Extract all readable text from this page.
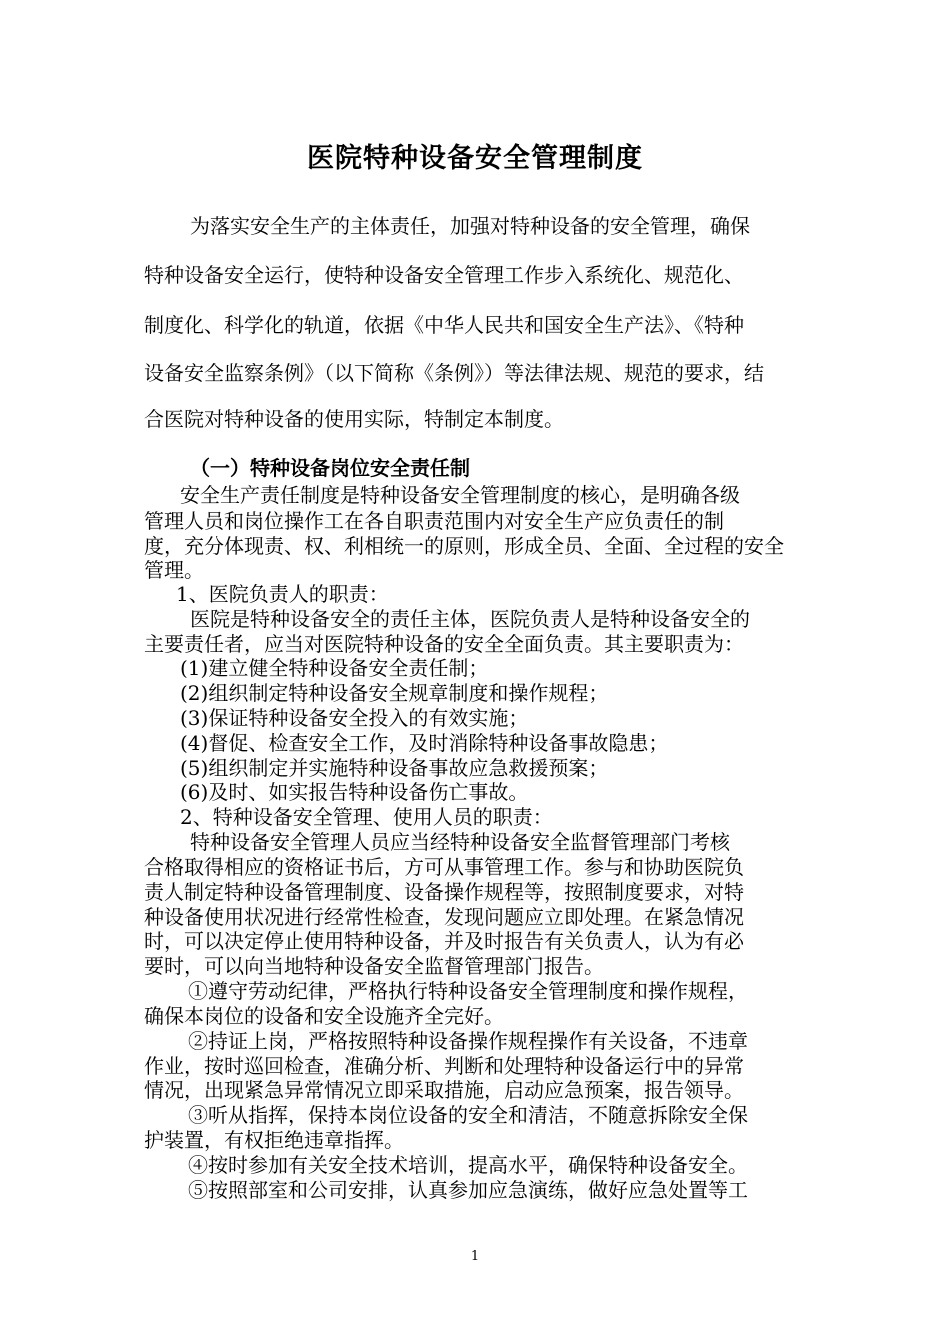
医院特种设备安全管理制度
为落实安全生产的主体责任，加强对特种设备的安全管理，确保
特种设备安全运行，使特种设备安全管理工作步入系统化、规范化、
制度化、科学化的轨道，依据《中华人民共和国安全生产法》、《特种
设备安全监察条例》（以下简称《条例》）等法律法规、规范的要求，结
合医院对特种设备的使用实际，特制定本制度。
（一）特种设备岗位安全责任制
安全生产责任制度是特种设备安全管理制度的核心，是明确各级
管理人员和岗位操作工在各自职责范围内对安全生产应负责任的制
度，充分体现责、权、利相统一的原则，形成全员、全面、全过程的安全
管理。
1、医院负责人的职责：
医院是特种设备安全的责任主体，医院负责人是特种设备安全的
主要责任者，应当对医院特种设备的安全全面负责。其主要职责为：
(1)建立健全特种设备安全责任制；
(2)组织制定特种设备安全规章制度和操作规程；
(3)保证特种设备安全投入的有效实施；
(4)督促、检查安全工作，及时消除特种设备事故隐患；
(5)组织制定并实施特种设备事故应急救援预案；
(6)及时、如实报告特种设备伤亡事故。
2、特种设备安全管理、使用人员的职责：
特种设备安全管理人员应当经特种设备安全监督管理部门考核
合格取得相应的资格证书后，方可从事管理工作。参与和协助医院负
责人制定特种设备管理制度、设备操作规程等，按照制度要求，对特
种设备使用状况进行经常性检查，发现问题应立即处理。在紧急情况
时，可以决定停止使用特种设备，并及时报告有关负责人，认为有必
要时，可以向当地特种设备安全监督管理部门报告。
①遵守劳动纪律，严格执行特种设备安全管理制度和操作规程，
确保本岗位的设备和安全设施齐全完好。
②持证上岗，严格按照特种设备操作规程操作有关设备，不违章
作业，按时巡回检查，准确分析、判断和处理特种设备运行中的异常
情况，出现紧急异常情况立即采取措施，启动应急预案，报告领导。
③听从指挥，保持本岗位设备的安全和清洁，不随意拆除安全保
护装置，有权拒绝违章指挥。
④按时参加有关安全技术培训，提高水平，确保特种设备安全。
⑤按照部室和公司安排，认真参加应急演练，做好应急处置等工
1
